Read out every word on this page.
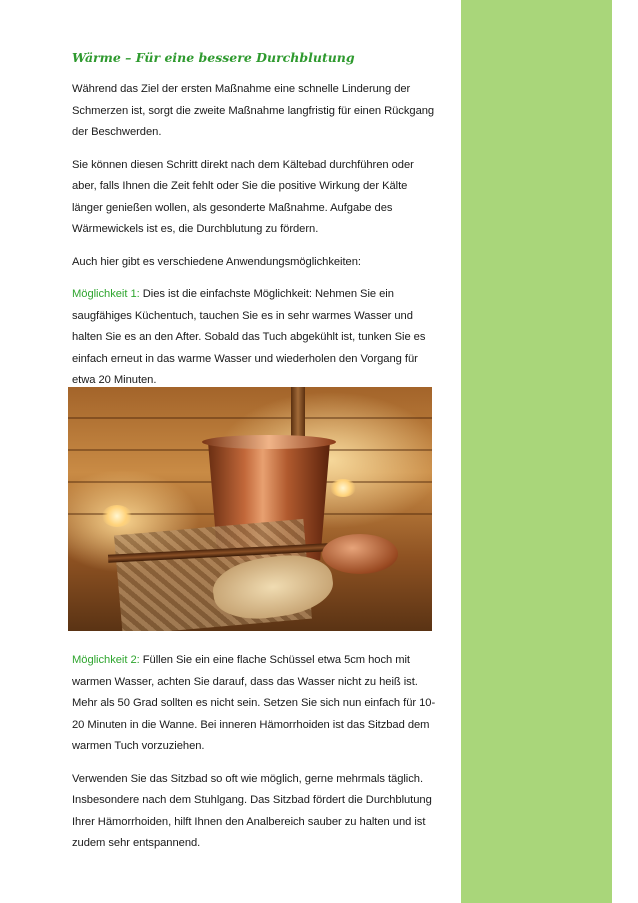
Wärme – Für eine bessere Durchblutung

Während das Ziel der ersten Maßnahme eine schnelle Linderung der Schmerzen ist, sorgt die zweite Maßnahme langfristig für einen Rückgang der Beschwerden.

Sie können diesen Schritt direkt nach dem Kältebad durchführen oder aber, falls Ihnen die Zeit fehlt oder Sie die positive Wirkung der Kälte länger genießen wollen, als gesonderte Maßnahme. Aufgabe des Wärmewickels ist es, die Durchblutung zu fördern.

Auch hier gibt es verschiedene Anwendungsmöglichkeiten:

Möglichkeit 1: Dies ist die einfachste Möglichkeit: Nehmen Sie ein saugfähiges Küchentuch, tauchen Sie es in sehr warmes Wasser und halten Sie es an den After. Sobald das Tuch abgekühlt ist, tunken Sie es einfach erneut in das warme Wasser und wiederholen den Vorgang für etwa 20 Minuten.

Möglichkeit 2: Füllen Sie ein eine flache Schüssel etwa 5cm hoch mit warmen Wasser, achten Sie darauf, dass das Wasser nicht zu heiß ist. Mehr als 50 Grad sollten es nicht sein. Setzen Sie sich nun einfach für 10-20 Minuten in die Wanne. Bei inneren Hämorrhoiden ist das Sitzbad dem warmen Tuch vorzuziehen.

Verwenden Sie das Sitzbad so oft wie möglich, gerne mehrmals täglich. Insbesondere nach dem Stuhlgang. Das Sitzbad fördert die Durchblutung Ihrer Hämorrhoiden, hilft Ihnen den Analbereich sauber zu halten und ist zudem sehr entspannend.
